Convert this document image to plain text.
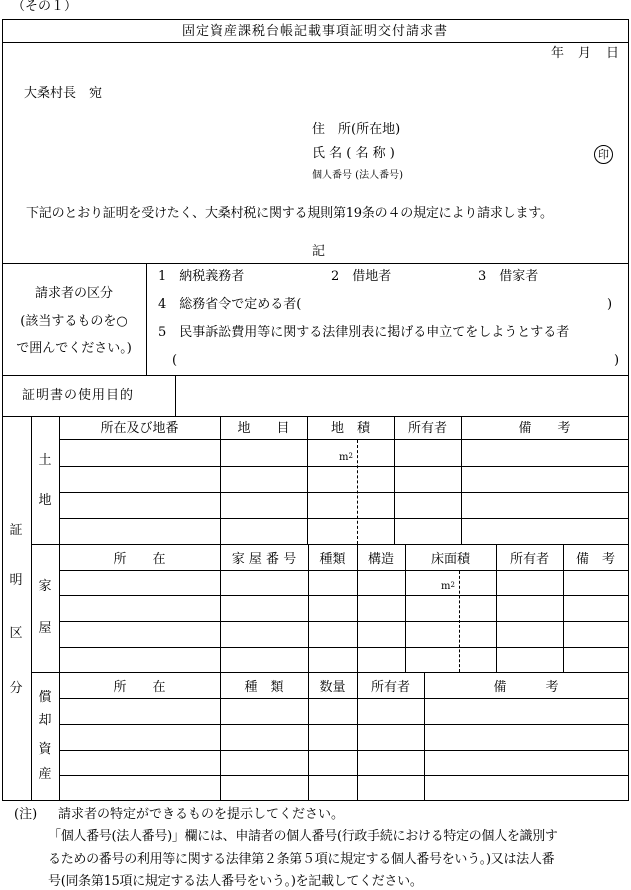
（その１）
固定資産課税台帳記載事項証明交付請求書
年 月 日
大桑村長　宛
住　所(所在地)
氏 名 ( 名 称 )	印
個人番号 (法人番号)
下記のとおり証明を受けたく、大桑村税に関する規則第19条の４の規定により請求します。
記
請求者の区分
(該当するものを○
で囲んでください。)
1　納税義務者	2　借地者	3　借家者
4　総務省令で定める者(	)
5　民事訴訟費用等に関する法律別表に掲げる申立てをしようとする者
(	)
証明書の使用目的
証
明
区
分
土
地
所在及び地番	地　　目	地　積	所有者	備　　考
$m^2$
家
屋
所　　在	家 屋 番 号	種類	構造	床面積	所有者	備　考
$m^2$
償
却
資
産
所　　在	種　類	数量	所有者	備　　　考
(注) 請求者の特定ができるものを提示してください。
「個人番号(法人番号)」欄には、申請者の個人番号(行政手続における特定の個人を識別す
るための番号の利用等に関する法律第２条第５項に規定する個人番号をいう。)又は法人番
号(同条第15項に規定する法人番号をいう。)を記載してください。
